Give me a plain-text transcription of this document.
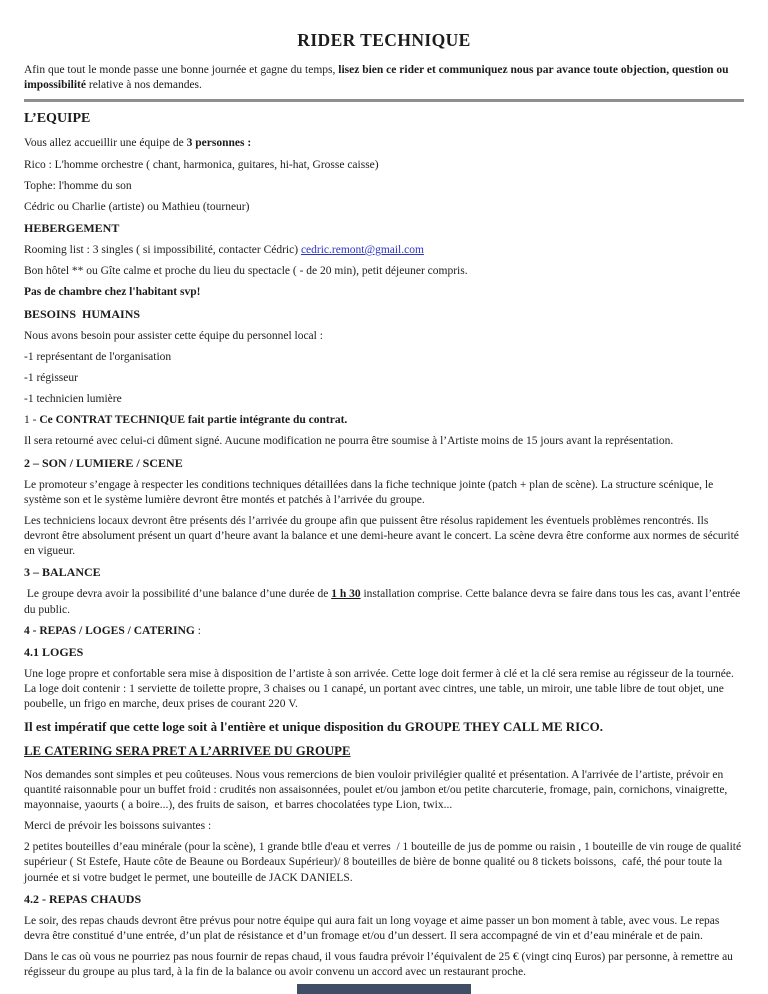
RIDER TECHNIQUE

Afin que tout le monde passe une bonne journée et gagne du temps, lisez bien ce rider et communiquez nous par avance toute objection, question ou impossibilité relative à nos demandes.

L’EQUIPE

Vous allez accueillir une équipe de 3 personnes :

Rico : L'homme orchestre ( chant, harmonica, guitares, hi-hat, Grosse caisse)

Tophe: l'homme du son

Cédric ou Charlie (artiste) ou Mathieu (tourneur)

HEBERGEMENT

Rooming list : 3 singles ( si impossibilité, contacter Cédric) cedric.remont@gmail.com

Bon hôtel ** ou Gîte calme et proche du lieu du spectacle ( - de 20 min), petit déjeuner compris.

Pas de chambre chez l'habitant svp!

BESOINS  HUMAINS

Nous avons besoin pour assister cette équipe du personnel local :

-1 représentant de l'organisation

-1 régisseur

-1 technicien lumière

1 - Ce CONTRAT TECHNIQUE fait partie intégrante du contrat.

Il sera retourné avec celui-ci dûment signé. Aucune modification ne pourra être soumise à l’Artiste moins de 15 jours avant la représentation.

2 – SON / LUMIERE / SCENE

Le promoteur s’engage à respecter les conditions techniques détaillées dans la fiche technique jointe (patch + plan de scène). La structure scénique, le système son et le système lumière devront être montés et patchés à l’arrivée du groupe.

Les techniciens locaux devront être présents dés l’arrivée du groupe afin que puissent être résolus rapidement les éventuels problèmes rencontrés. Ils devront être absolument présent un quart d’heure avant la balance et une demi-heure avant le concert. La scène devra être conforme aux normes de sécurité en vigueur.

3 – BALANCE

Le groupe devra avoir la possibilité d’une balance d’une durée de 1 h 30 installation comprise. Cette balance devra se faire dans tous les cas, avant l’entrée du public.

4 - REPAS / LOGES / CATERING :

4.1 LOGES

Une loge propre et confortable sera mise à disposition de l’artiste à son arrivée. Cette loge doit fermer à clé et la clé sera remise au régisseur de la tournée. La loge doit contenir : 1 serviette de toilette propre, 3 chaises ou 1 canapé, un portant avec cintres, une table, un miroir, une table libre de tout objet, une poubelle, un frigo en marche, deux prises de courant 220 V.

Il est impératif que cette loge soit à l'entière et unique disposition du GROUPE THEY CALL ME RICO.

LE CATERING SERA PRET A L’ARRIVEE DU GROUPE

Nos demandes sont simples et peu coûteuses. Nous vous remercions de bien vouloir privilégier qualité et présentation. A l'arrivée de l’artiste, prévoir en quantité raisonnable pour un buffet froid : crudités non assaisonnées, poulet et/ou jambon et/ou petite charcuterie, fromage, pain, cornichons, vinaigrette, mayonnaise, yaourts ( a boire...), des fruits de saison,  et barres chocolatées type Lion, twix...

Merci de prévoir les boissons suivantes :

2 petites bouteilles d’eau minérale (pour la scène), 1 grande btlle d'eau et verres  / 1 bouteille de jus de pomme ou raisin , 1 bouteille de vin rouge de qualité supérieur ( St Estefe, Haute côte de Beaune ou Bordeaux Supérieur)/ 8 bouteilles de bière de bonne qualité ou 8 tickets boissons,  café, thé pour toute la journée et si votre budget le permet, une bouteille de JACK DANIELS.

4.2 - REPAS CHAUDS

Le soir, des repas chauds devront être prévus pour notre équipe qui aura fait un long voyage et aime passer un bon moment à table, avec vous. Le repas devra être constitué d’une entrée, d’un plat de résistance et d’un fromage et/ou d’un dessert. Il sera accompagné de vin et d’eau minérale et de pain.

Dans le cas où vous ne pourriez pas nous fournir de repas chaud, il vous faudra prévoir l’équivalent de 25 € (vingt cinq Euros) par personne, à remettre au régisseur du groupe au plus tard, à la fin de la balance ou avoir convenu un accord avec un restaurant proche.
